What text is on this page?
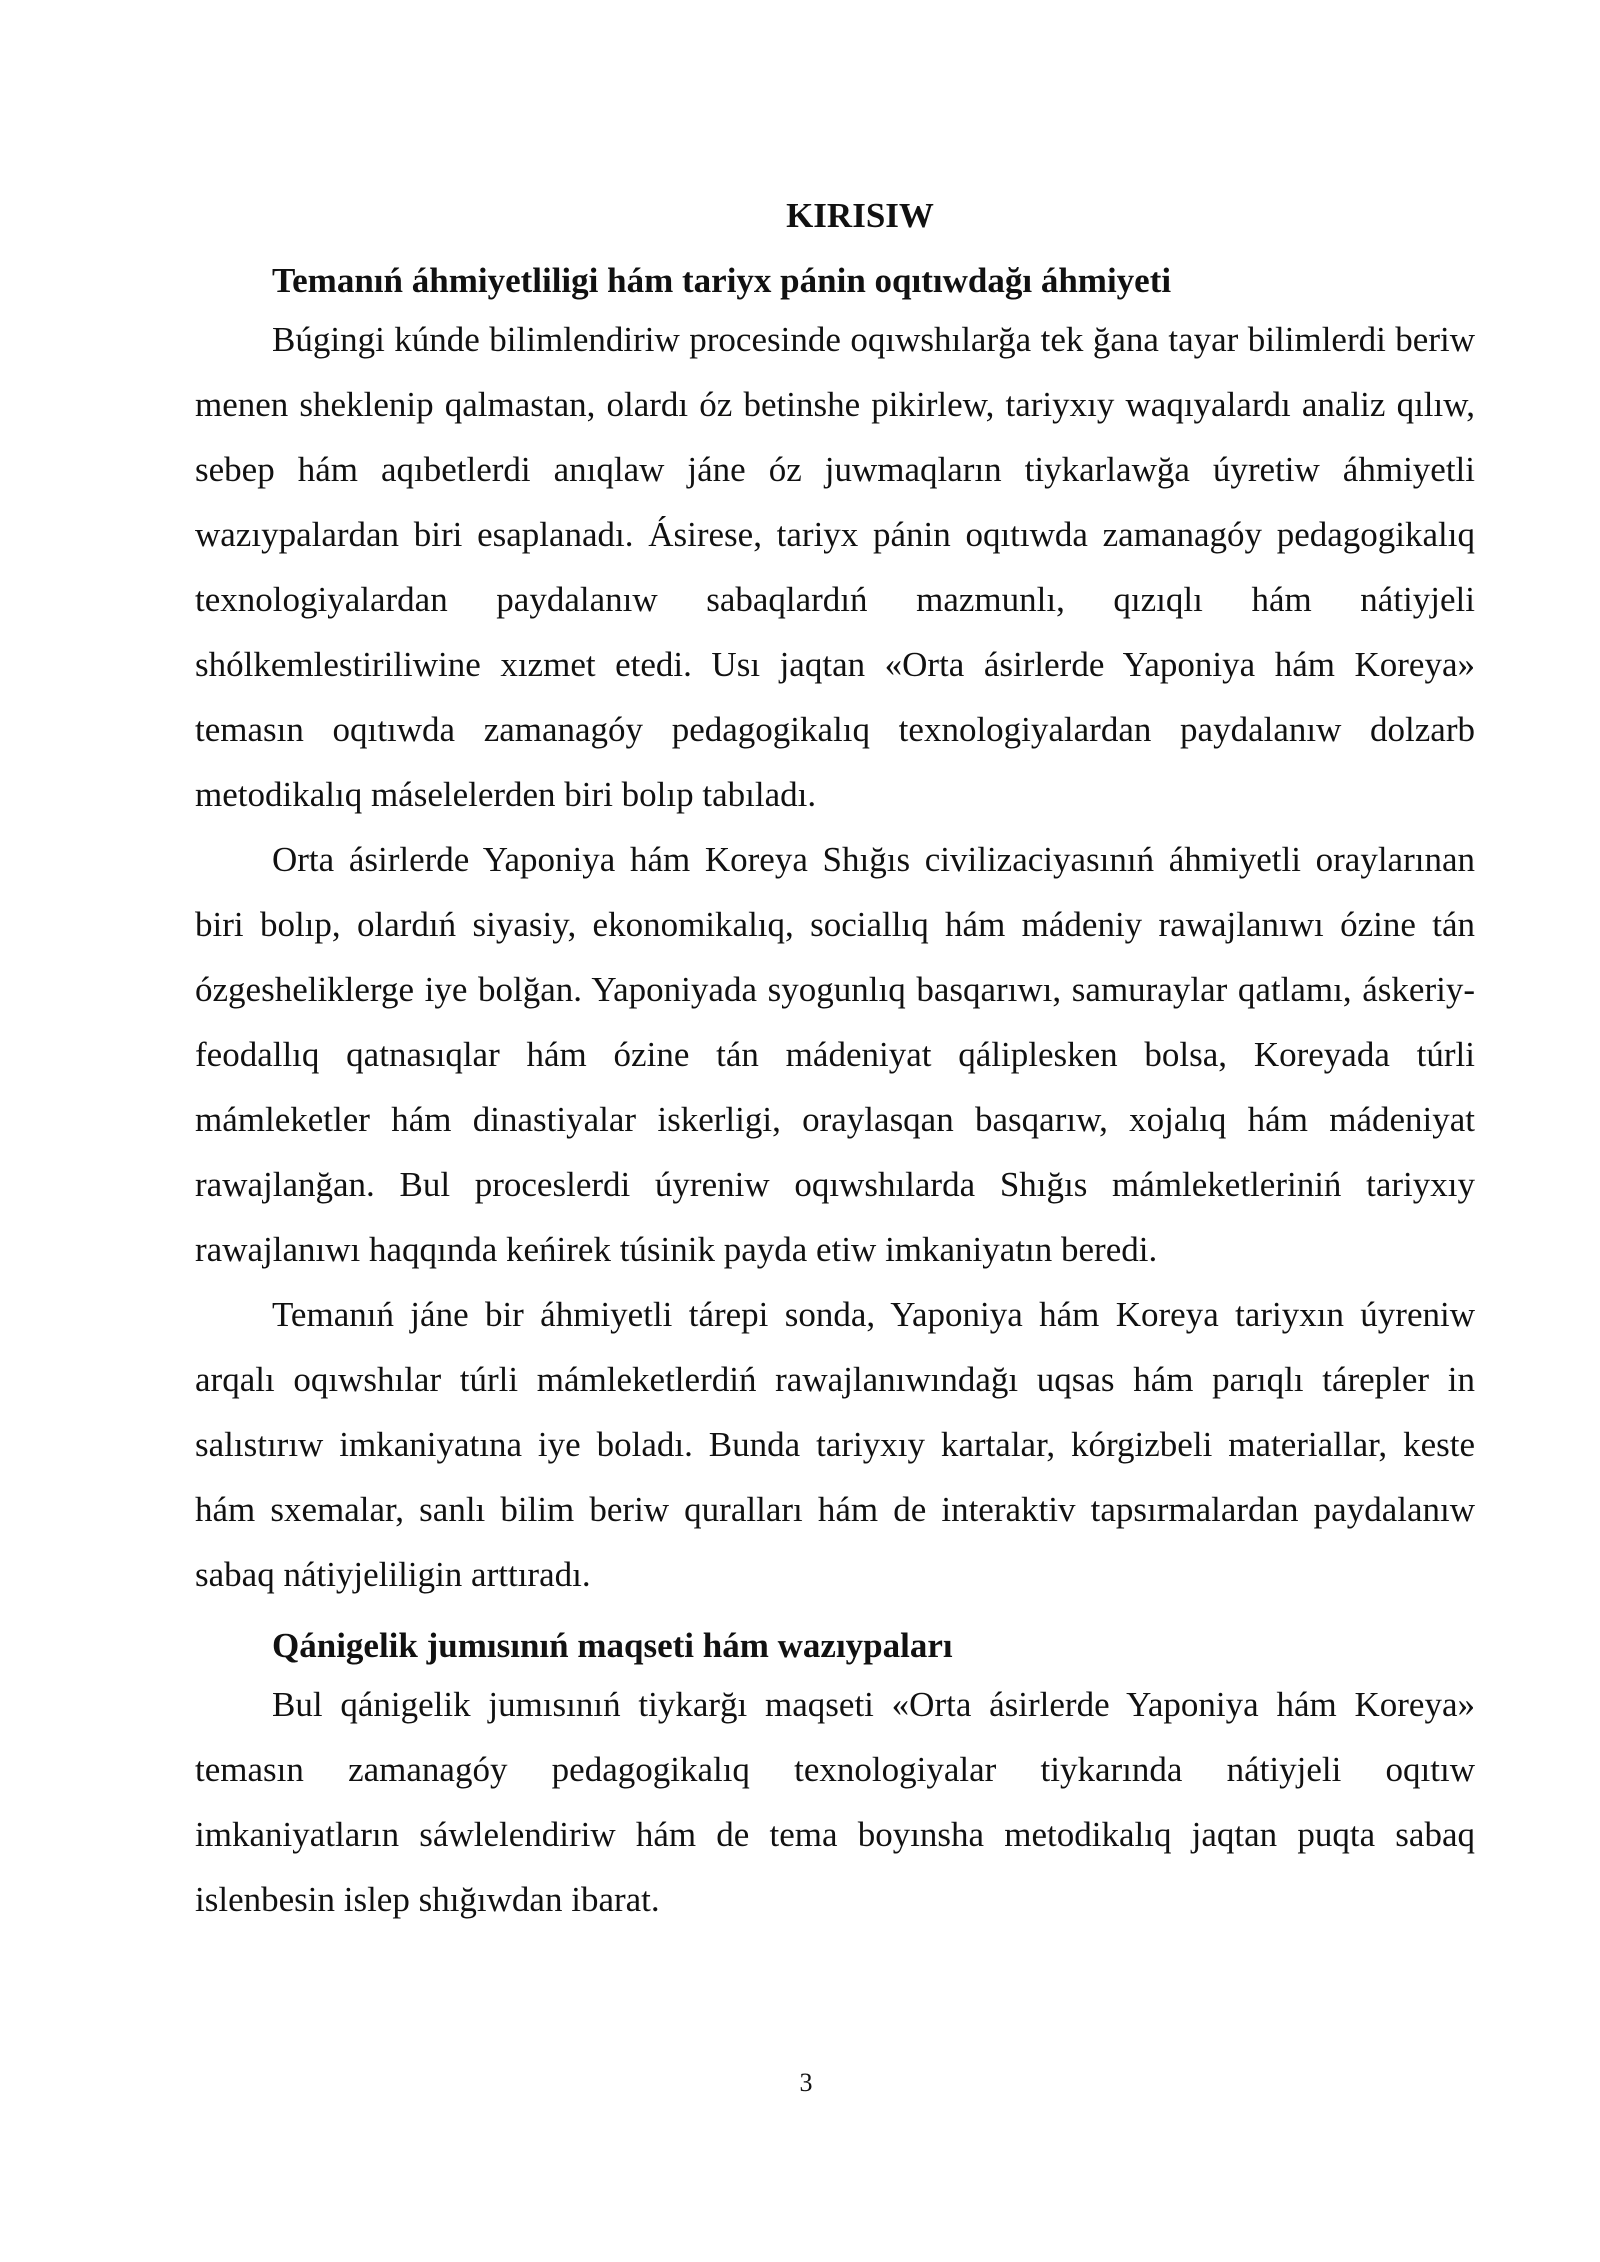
KIRISIW
Temanıń áhmiyetliligi hám tariyx pánin oqıtıwdağı áhmiyeti

Búgingi kúnde bilimlendiriw procesinde oqıwshılarğa tek ğana tayar bilimlerdi beriw menen sheklenip qalmastan, olardı óz betinshe pikirlew, tariyxıy waqıyalardı analiz qılıw, sebep hám aqıbetlerdi anıqlaw jáne óz juwmaqların tiykarlawğa úyretiw áhmiyetli wazıypalardan biri esaplanadı. Ásirese, tariyx pánin oqıtıwda zamanagóy pedagogikalıq texnologiyalardan paydalanıw sabaqlardıń mazmunlı, qızıqlı hám nátiyjeli shólkemlestiriliwine xızmet etedi. Usı jaqtan «Orta ásirlerde Yaponiya hám Koreya» temasın oqıtıwda zamanagóy pedagogikalıq texnologiyalardan paydalanıw dolzarb metodikalıq máselelerden biri bolıp tabıladı.

Orta ásirlerde Yaponiya hám Koreya Shığıs civilizaciyasınıń áhmiyetli oraylarınan biri bolıp, olardıń siyasiy, ekonomikalıq, sociallıq hám mádeniy rawajlanıwı ózine tán ózgesheliklerge iye bolğan. Yaponiyada syogunlıq basqarıwı, samuraylar qatlamı, áskeriy-feodallıq qatnasıqlar hám ózine tán mádeniyat qáliplesken bolsa, Koreyada túrli mámleketler hám dinastiyalar iskerligi, oraylasqan basqarıw, xojalıq hám mádeniyat rawajlanğan. Bul proceslerdi úyreniw oqıwshılarda Shığıs mámleketleriniń tariyxıy rawajlanıwı haqqında keńirek túsinik payda etiw imkaniyatın beredi.

Temanıń jáne bir áhmiyetli tárepi sonda, Yaponiya hám Koreya tariyxın úyreniw arqalı oqıwshılar túrli mámleketlerdiń rawajlanıwındağı uqsas hám parıqlı tárepler in salıstırıw imkaniyatına iye boladı. Bunda tariyxıy kartalar, kórgizbeli materiallar, keste hám sxemalar, sanlı bilim beriw quralları hám de interaktiv tapsırmalardan paydalanıw sabaq nátiyjeliligin arttıradı.

Qánigelik jumısınıń maqseti hám wazıypaları

Bul qánigelik jumısınıń tiykarğı maqseti «Orta ásirlerde Yaponiya hám Koreya» temasın zamanagóy pedagogikalıq texnologiyalar tiykarında nátiyjeli oqıtıw imkaniyatların sáwlelendiriw hám de tema boyınsha metodikalıq jaqtan puqta sabaq islenbesin islep shığıwdan ibarat.

3
